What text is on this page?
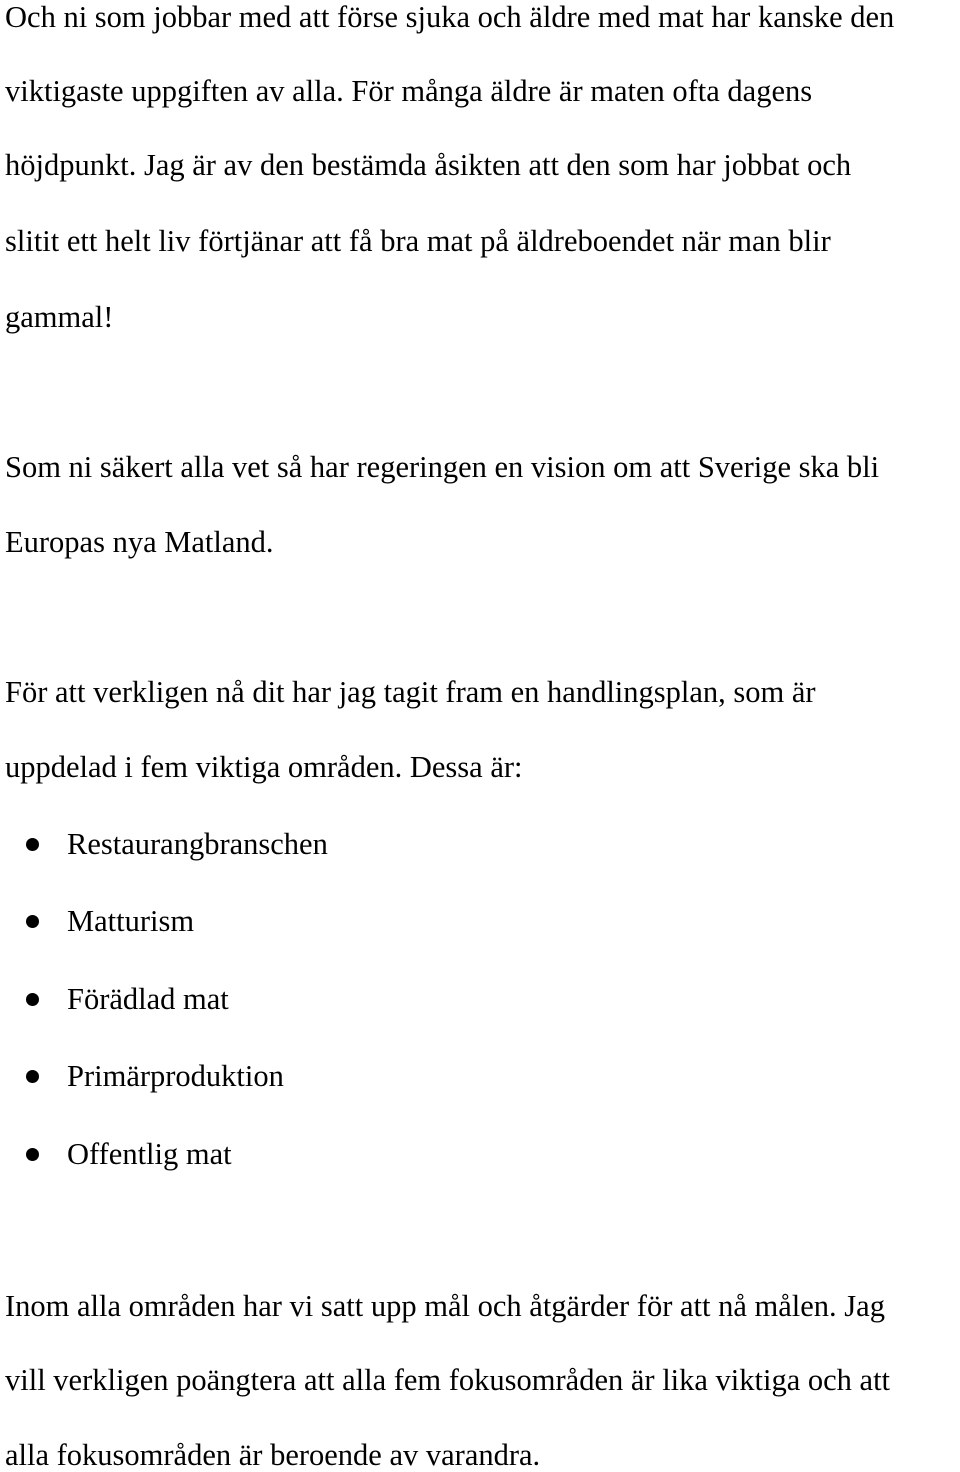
Och ni som jobbar med att förse sjuka och äldre med mat har kanske den
viktigaste uppgiften av alla. För många äldre är maten ofta dagens
höjdpunkt. Jag är av den bestämda åsikten att den som har jobbat och
slitit ett helt liv förtjänar att få bra mat på äldreboendet när man blir
gammal!
Som ni säkert alla vet så har regeringen en vision om att Sverige ska bli
Europas nya Matland.
För att verkligen nå dit har jag tagit fram en handlingsplan, som är
uppdelad i fem viktiga områden. Dessa är:
Restaurangbranschen
Matturism
Förädlad mat
Primärproduktion
Offentlig mat
Inom alla områden har vi satt upp mål och åtgärder för att nå målen. Jag
vill verkligen poängtera att alla fem fokusområden är lika viktiga och att
alla fokusområden är beroende av varandra.
